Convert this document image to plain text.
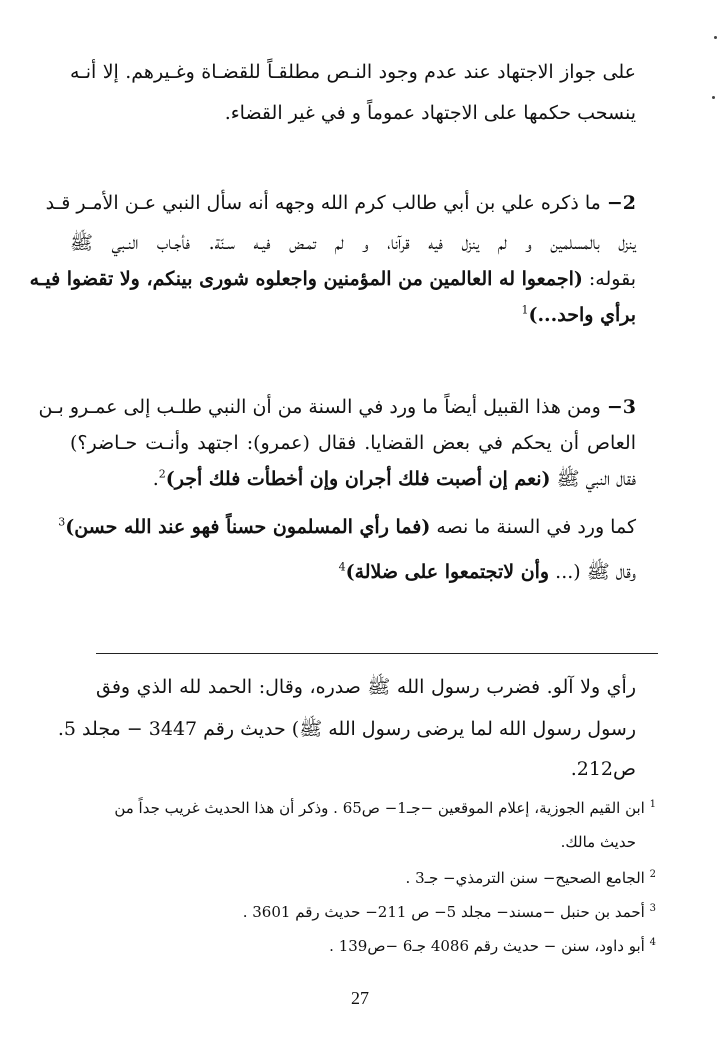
على جواز الاجتهاد عند عدم وجود النـص مطلقـاً للقضـاة وغـيرهم. إلا أنـه
ينسحب حكمها على الاجتهاد عموماً و في غير القضاء.
2− ما ذكره علي بن أبي طالب كرم الله وجهه أنه سأل النبي عـن الأمـر قـد
ينزل بالمسلمين و لم ينزل فيه قرآنا، و لم تمـض فيـه سـنّة. فأجـاب النـبي ﷺ
بقوله: (اجمعوا له العالمين من المؤمنين واجعلوه شورى بينكم، ولا تقضوا فيـه
برأي واحد...)$^1$
3− ومن هذا القبيل أيضاً ما ورد في السنة من أن النبي طلـب إلى عمـرو بـن
العاص أن يحكم في بعض القضايا. فقال (عمرو): اجتهد وأنـت حـاضر؟)
فقال النبي ﷺ (نعم إن أصبت فلك أجران وإن أخطأت فلك أجر)$^2$.
كما ورد في السنة ما نصه (فما رأي المسلمون حسناً فهو عند الله حسن)$^3$
وقال ﷺ (... وأن لاتجتمعوا على ضلالة)$^4$
رأي ولا آلو. فضرب رسول الله ﷺ صدره، وقال: الحمد لله الذي وفق
رسول رسول الله لما يرضى رسول الله ﷺ) حديث رقم 3447 − مجلد 5.
ص212.
$^1$ ابن القيم الجوزية، إعلام الموقعين −جـ1− ص65 . وذكر أن هذا الحديث غريب جداً من
حديث مالك.
$^2$ الجامع الصحيح− سنن الترمذي− جـ3 .
$^3$ أحمد بن حنبل −مسند− مجلد 5− ص 211− حديث رقم 3601 .
$^4$ أبو داود، سنن − حديث رقم 4086 جـ6 −ص139 .
27
